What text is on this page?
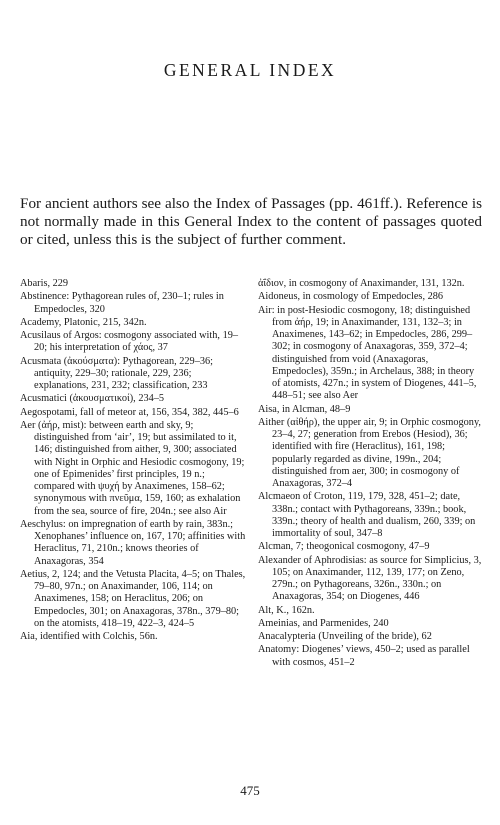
GENERAL INDEX

For ancient authors see also the Index of Passages (pp. 461ff.). Reference is not normally made in this General Index to the content of passages quoted or cited, unless this is the subject of further comment.

Abaris, 229
Abstinence: Pythagorean rules of, 230–1; rules in Empedocles, 320
Academy, Platonic, 215, 342n.
Acusilaus of Argos: cosmogony associated with, 19–20; his interpretation of χάος, 37
Acusmata (ἀκούσματα): Pythagorean, 229–36; antiquity, 229–30; rationale, 229, 236; explanations, 231, 232; classification, 233
Acusmatici (ἀκουσματικοί), 234–5
Aegospotami, fall of meteor at, 156, 354, 382, 445–6
Aer (ἀήρ, mist): between earth and sky, 9; distinguished from ‘air’, 19; but assimilated to it, 146; distinguished from aither, 9, 300; associated with Night in Orphic and Hesiodic cosmogony, 19; one of Epimenides’ first principles, 19 n.; compared with ψυχή by Anaximenes, 158–62; synonymous with πνεῦμα, 159, 160; as exhalation from the sea, source of fire, 204n.; see also Air
Aeschylus: on impregnation of earth by rain, 383n.; Xenophanes’ influence on, 167, 170; affinities with Heraclitus, 71, 210n.; knows theories of Anaxagoras, 354
Aetius, 2, 124; and the Vetusta Placita, 4–5; on Thales, 79–80, 97n.; on Anaximander, 106, 114; on Anaximenes, 158; on Heraclitus, 206; on Empedocles, 301; on Anaxagoras, 378n., 379–80; on the atomists, 418–19, 422–3, 424–5
Aia, identified with Colchis, 56n.
ἀΐδιον, in cosmogony of Anaximander, 131, 132n.
Aidoneus, in cosmology of Empedocles, 286
Air: in post-Hesiodic cosmogony, 18; distinguished from ἀήρ, 19; in Anaximander, 131, 132–3; in Anaximenes, 143–62; in Empedocles, 286, 299–302; in cosmogony of Anaxagoras, 359, 372–4; distinguished from void (Anaxagoras, Empedocles), 359n.; in Archelaus, 388; in theory of atomists, 427n.; in system of Diogenes, 441–5, 448–51; see also Aer
Aisa, in Alcman, 48–9
Aither (αἰθήρ), the upper air, 9; in Orphic cosmogony, 23–4, 27; generation from Erebos (Hesiod), 36; identified with fire (Heraclitus), 161, 198; popularly regarded as divine, 199n., 204; distinguished from aer, 300; in cosmogony of Anaxagoras, 372–4
Alcmaeon of Croton, 119, 179, 328, 451–2; date, 338n.; contact with Pythagoreans, 339n.; book, 339n.; theory of health and dualism, 260, 339; on immortality of soul, 347–8
Alcman, 7; theogonical cosmogony, 47–9
Alexander of Aphrodisias: as source for Simplicius, 3, 105; on Anaximander, 112, 139, 177; on Zeno, 279n.; on Pythagoreans, 326n., 330n.; on Anaxagoras, 354; on Diogenes, 446
Alt, K., 162n.
Ameinias, and Parmenides, 240
Anacalypteria (Unveiling of the bride), 62
Anatomy: Diogenes’ views, 450–2; used as parallel with cosmos, 451–2
475
